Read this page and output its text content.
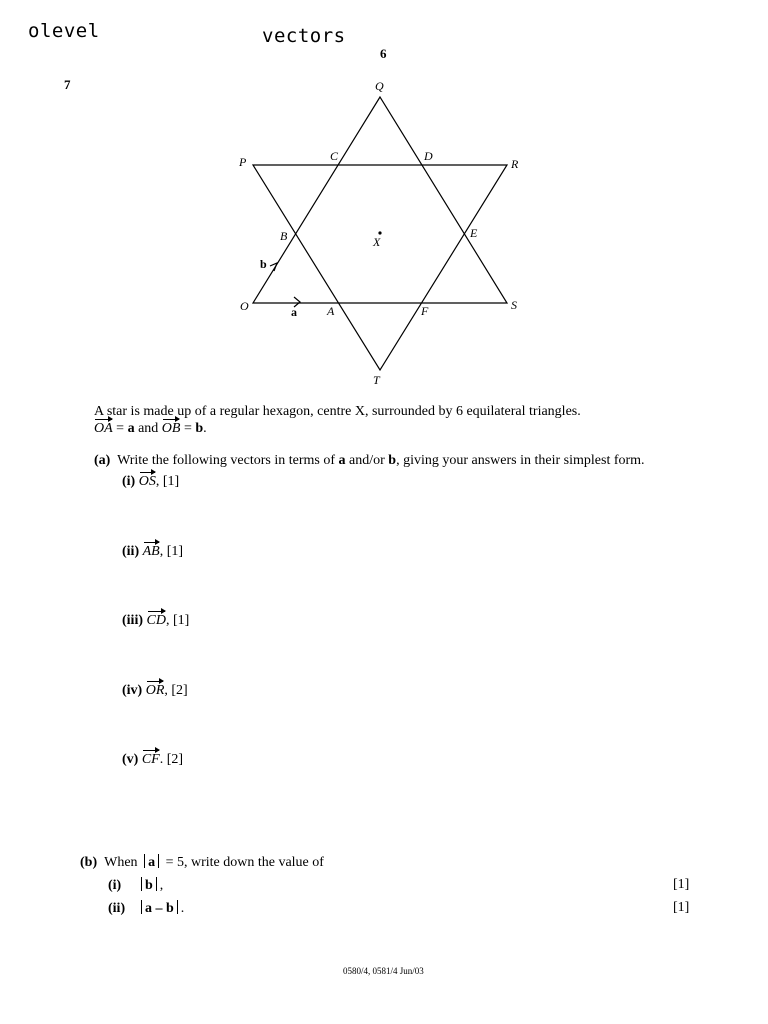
olevel	vectors
6
7	Q
P	C	D
R
B	X
E
O	A	F	S
T
b
a
A star is made up of a regular hexagon, centre X, surrounded by 6 equilateral triangles.
OA = a and OB = b.
(a) Write the following vectors in terms of a and/or b, giving your answers in their simplest form.
(i) OS, [1]
(ii) AB, [1]
(iii) CD, [1]
(iv) OR, [2]
(v) CF. [2]
(b) When a = 5, write down the value of
(i) b ,	[1]
(ii) a – b .	[1]
0580/4, 0581/4 Jun/03
